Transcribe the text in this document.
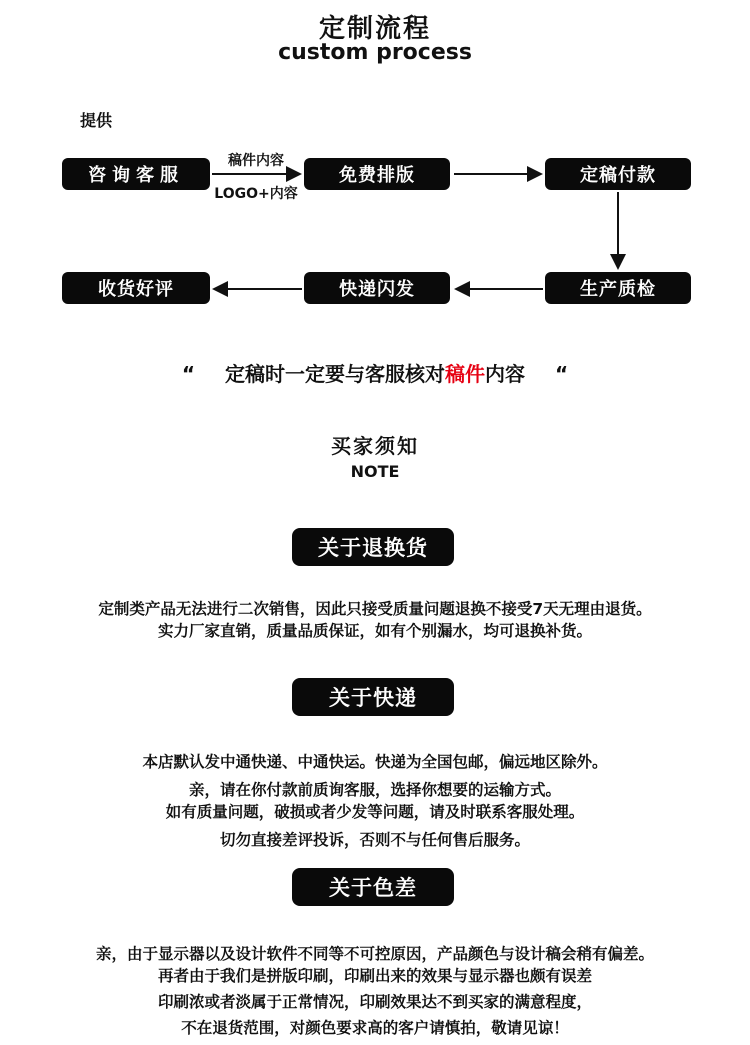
定制流程
custom process
提供
咨询客服	免费排版	定稿付款
生产质检
快递闪发
收货好评
稿件内容
LOGO+内容
“ 定稿时一定要与客服核对稿件内容 “
买家须知
NOTE
关于退换货
定制类产品无法进行二次销售，因此只接受质量问题退换不接受7天无理由退货。
实力厂家直销，质量品质保证，如有个别漏水，均可退换补货。
关于快递
本店默认发中通快递、中通快运。快递为全国包邮，偏远地区除外。
亲，请在你付款前质询客服，选择你想要的运输方式。
如有质量问题，破损或者少发等问题，请及时联系客服处理。
切勿直接差评投诉，否则不与任何售后服务。
关于色差
亲，由于显示器以及设计软件不同等不可控原因，产品颜色与设计稿会稍有偏差。
再者由于我们是拼版印刷，印刷出来的效果与显示器也颇有误差
印刷浓或者淡属于正常情况，印刷效果达不到买家的满意程度，
不在退货范围，对颜色要求高的客户请慎拍，敬请见谅！
